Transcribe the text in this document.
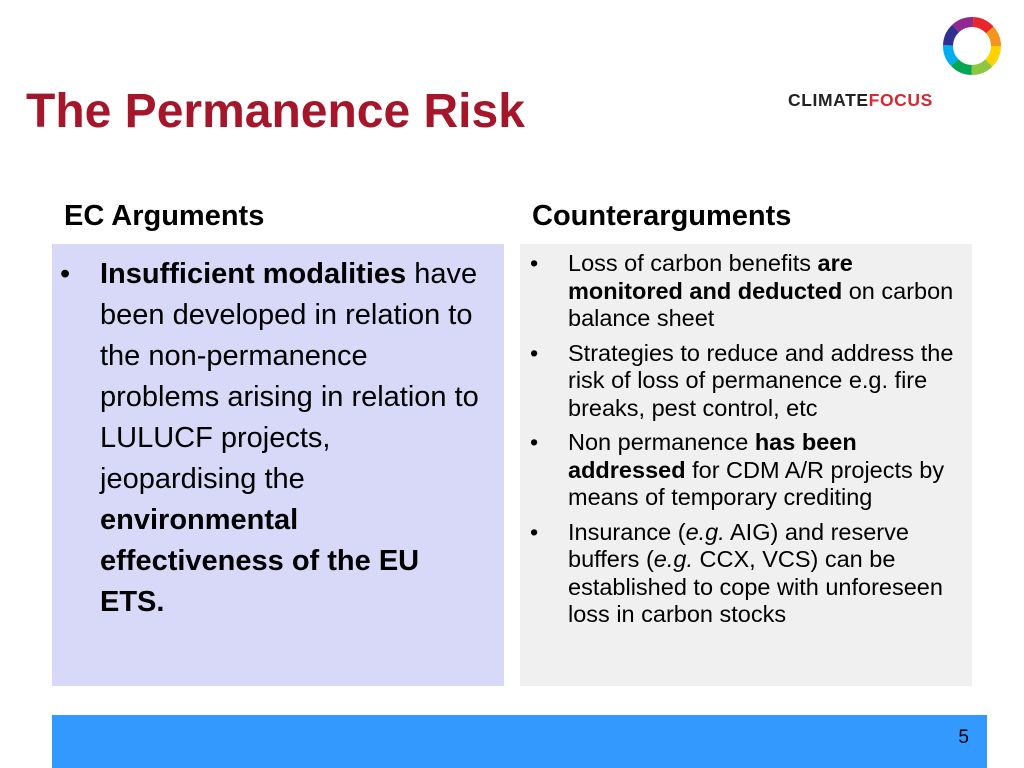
The Permanence Risk	CLIMATEFOCUS
EC Arguments	Counterarguments
• Insufficient modalities have been developed in relation to the non-permanence problems arising in relation to LULUCF projects, jeopardising the environmental effectiveness of the EU ETS.
• Loss of carbon benefits are monitored and deducted on carbon balance sheet
• Strategies to reduce and address the risk of loss of permanence e.g. fire breaks, pest control, etc
• Non permanence has been addressed for CDM A/R projects by means of temporary crediting
• Insurance (e.g. AIG) and reserve buffers (e.g. CCX, VCS) can be established to cope with unforeseen loss in carbon stocks
5
